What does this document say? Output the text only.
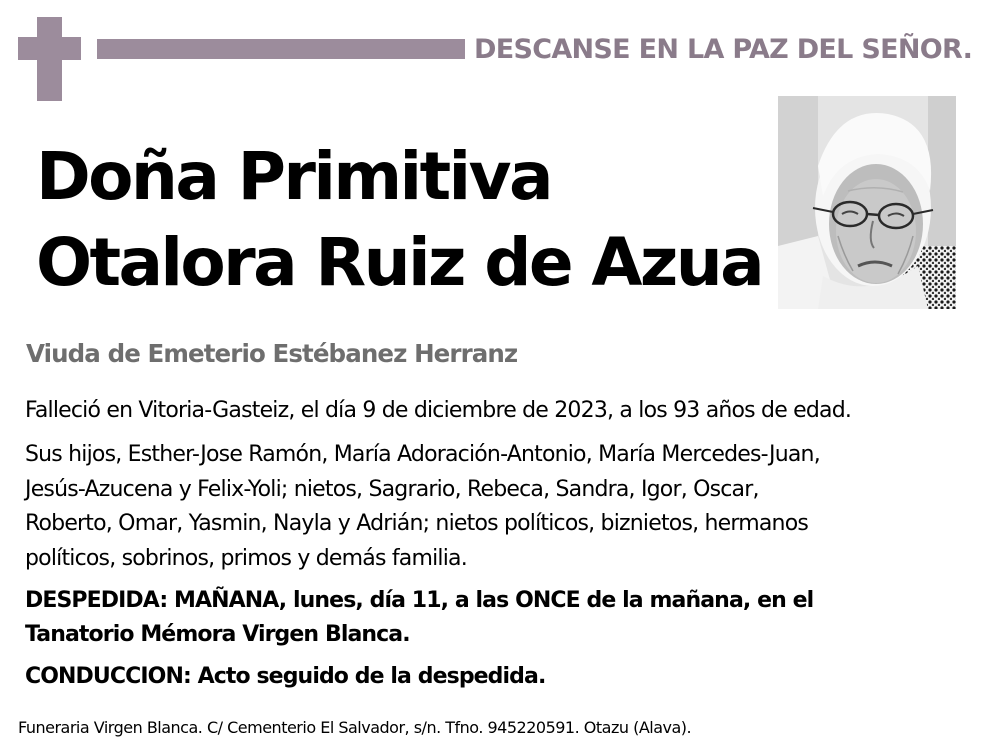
DESCANSE EN LA PAZ DEL SEÑOR.
Doña Primitiva
Otalora Ruiz de Azua
Viuda de Emeterio Estébanez Herranz
Falleció en Vitoria-Gasteiz, el día 9 de diciembre de 2023, a los 93 años de edad.
Sus hijos, Esther-Jose Ramón, María Adoración-Antonio, María Mercedes-Juan,
Jesús-Azucena y Felix-Yoli; nietos, Sagrario, Rebeca, Sandra, Igor, Oscar,
Roberto, Omar, Yasmin, Nayla y Adrián; nietos políticos, biznietos, hermanos
políticos, sobrinos, primos y demás familia.
DESPEDIDA: MAÑANA, lunes, día 11, a las ONCE de la mañana, en el
Tanatorio Mémora Virgen Blanca.
CONDUCCION: Acto seguido de la despedida.
Funeraria Virgen Blanca. C/ Cementerio El Salvador, s/n. Tfno. 945220591. Otazu (Alava).
